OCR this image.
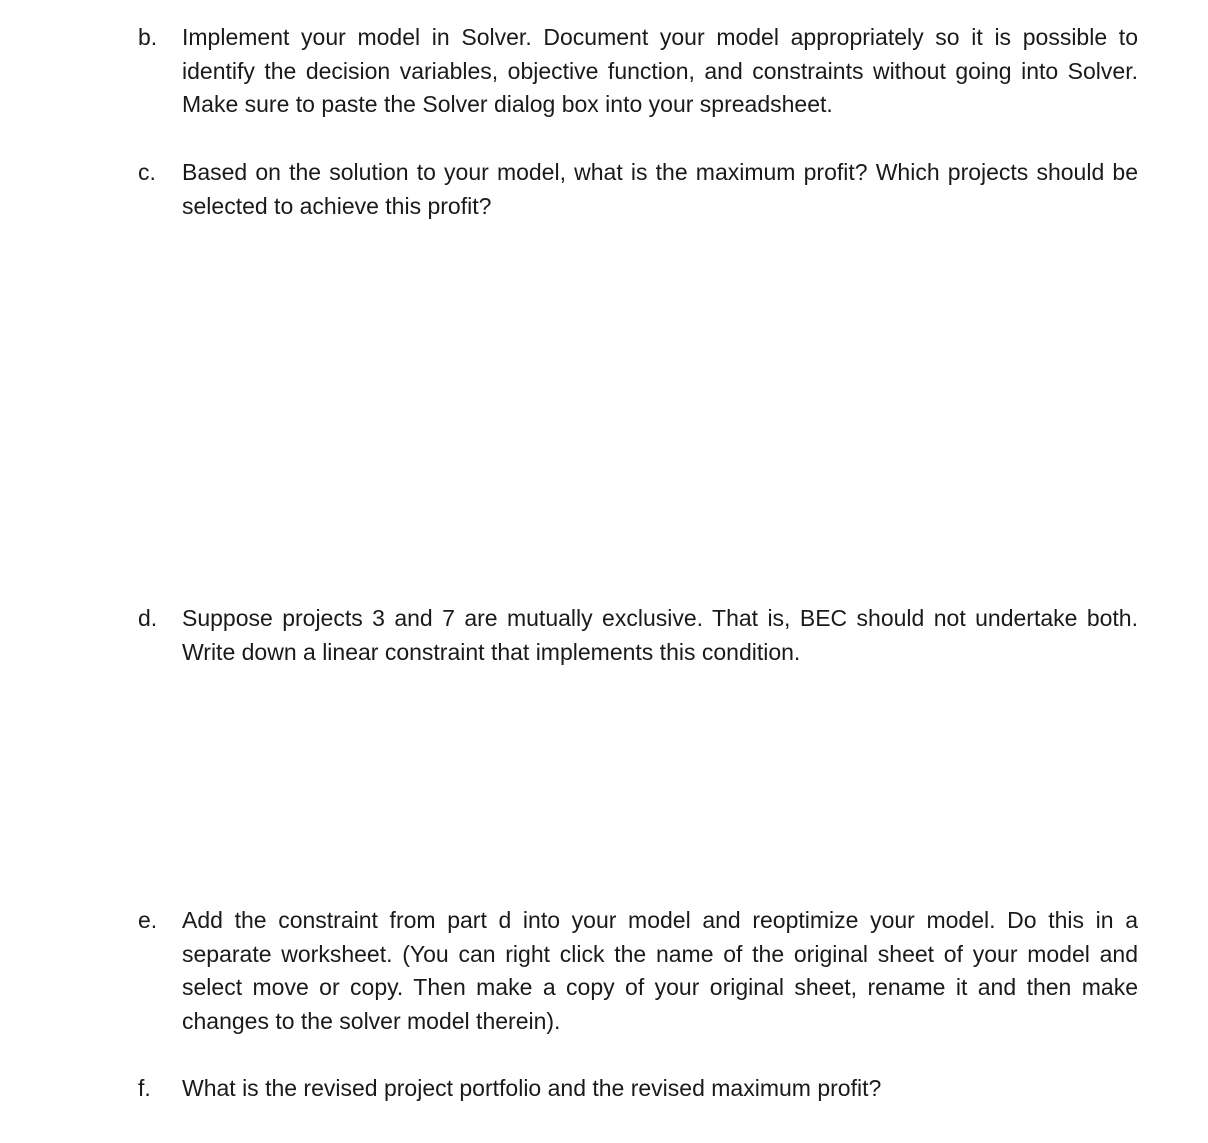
b.	Implement your model in Solver. Document your model appropriately so it is possible to identify the decision variables, objective function, and constraints without going into Solver. Make sure to paste the Solver dialog box into your spreadsheet.
c.	Based on the solution to your model, what is the maximum profit? Which projects should be selected to achieve this profit?
d.	Suppose projects 3 and 7 are mutually exclusive. That is, BEC should not undertake both. Write down a linear constraint that implements this condition.
e.	Add the constraint from part d into your model and reoptimize your model. Do this in a separate worksheet. (You can right click the name of the original sheet of your model and select move or copy. Then make a copy of your original sheet, rename it and then make changes to the solver model therein).
f.	What is the revised project portfolio and the revised maximum profit?
